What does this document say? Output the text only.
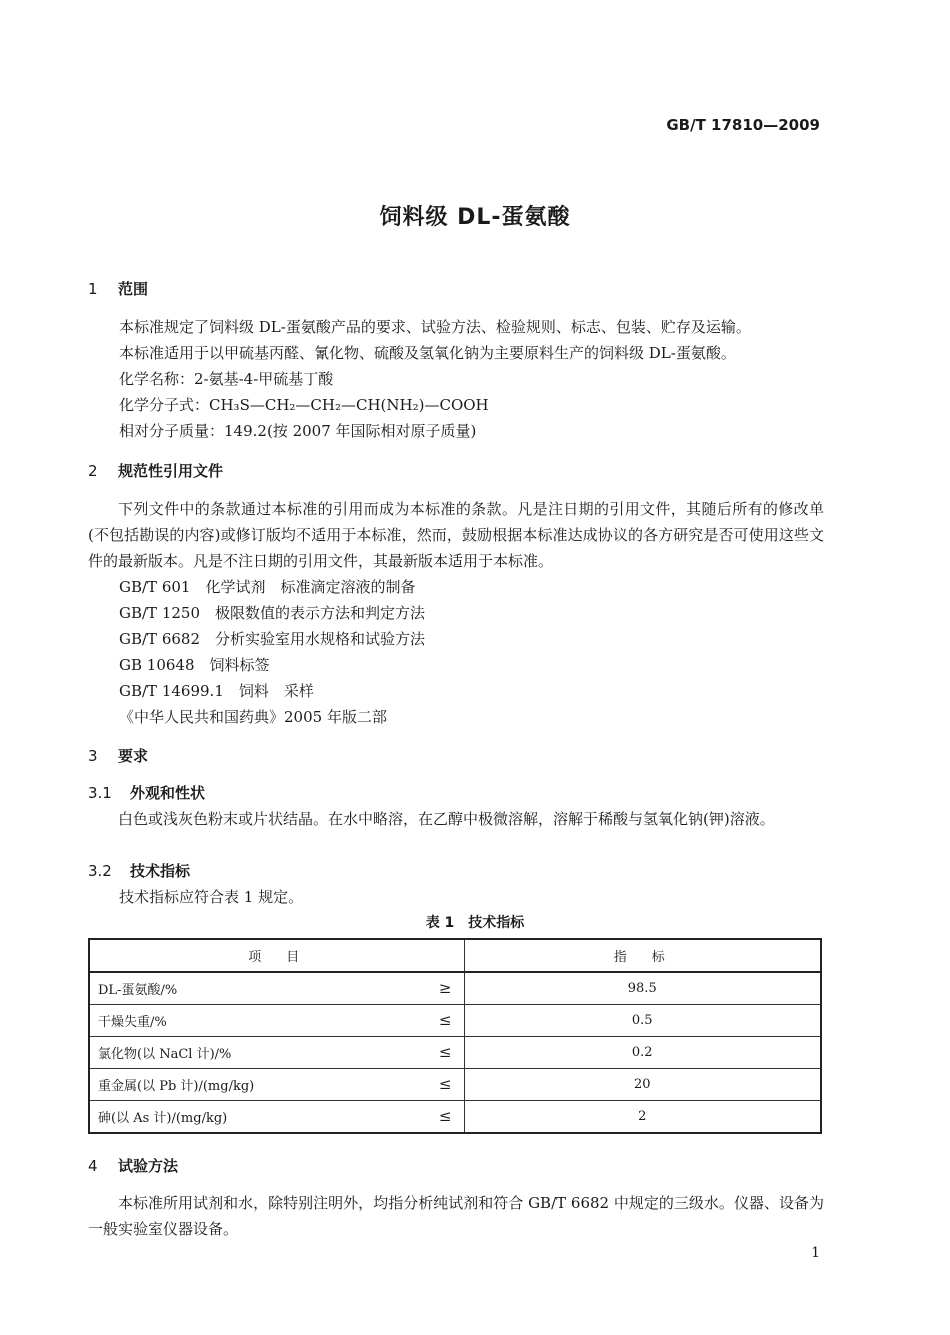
GB/T 17810—2009
饲料级 DL-蛋氨酸
1 范围
本标准规定了饲料级 DL-蛋氨酸产品的要求、试验方法、检验规则、标志、包装、贮存及运输。
本标准适用于以甲硫基丙醛、氰化物、硫酸及氢氧化钠为主要原料生产的饲料级 DL-蛋氨酸。
化学名称：2-氨基-4-甲硫基丁酸
化学分子式：CH₃S—CH₂—CH₂—CH(NH₂)—COOH
相对分子质量：149.2(按 2007 年国际相对原子质量)
2 规范性引用文件
下列文件中的条款通过本标准的引用而成为本标准的条款。凡是注日期的引用文件，其随后所有的修改单(不包括勘误的内容)或修订版均不适用于本标准，然而，鼓励根据本标准达成协议的各方研究是否可使用这些文件的最新版本。凡是不注日期的引用文件，其最新版本适用于本标准。
GB/T 601　化学试剂　标准滴定溶液的制备
GB/T 1250　极限数值的表示方法和判定方法
GB/T 6682　分析实验室用水规格和试验方法
GB 10648　饲料标签
GB/T 14699.1　饲料　采样
《中华人民共和国药典》2005 年版二部
3 要求
3.1 外观和性状
白色或浅灰色粉末或片状结晶。在水中略溶，在乙醇中极微溶解，溶解于稀酸与氢氧化钠(钾)溶液。
3.2 技术指标
技术指标应符合表 1 规定。
表 1　技术指标
项　目	指　标
DL-蛋氨酸/% ≥	98.5
干燥失重/% ≤	0.5
氯化物(以 NaCl 计)/% ≤	0.2
重金属(以 Pb 计)/(mg/kg) ≤	20
砷(以 As 计)/(mg/kg) ≤	2
4 试验方法
本标准所用试剂和水，除特别注明外，均指分析纯试剂和符合 GB/T 6682 中规定的三级水。仪器、设备为一般实验室仪器设备。
1
